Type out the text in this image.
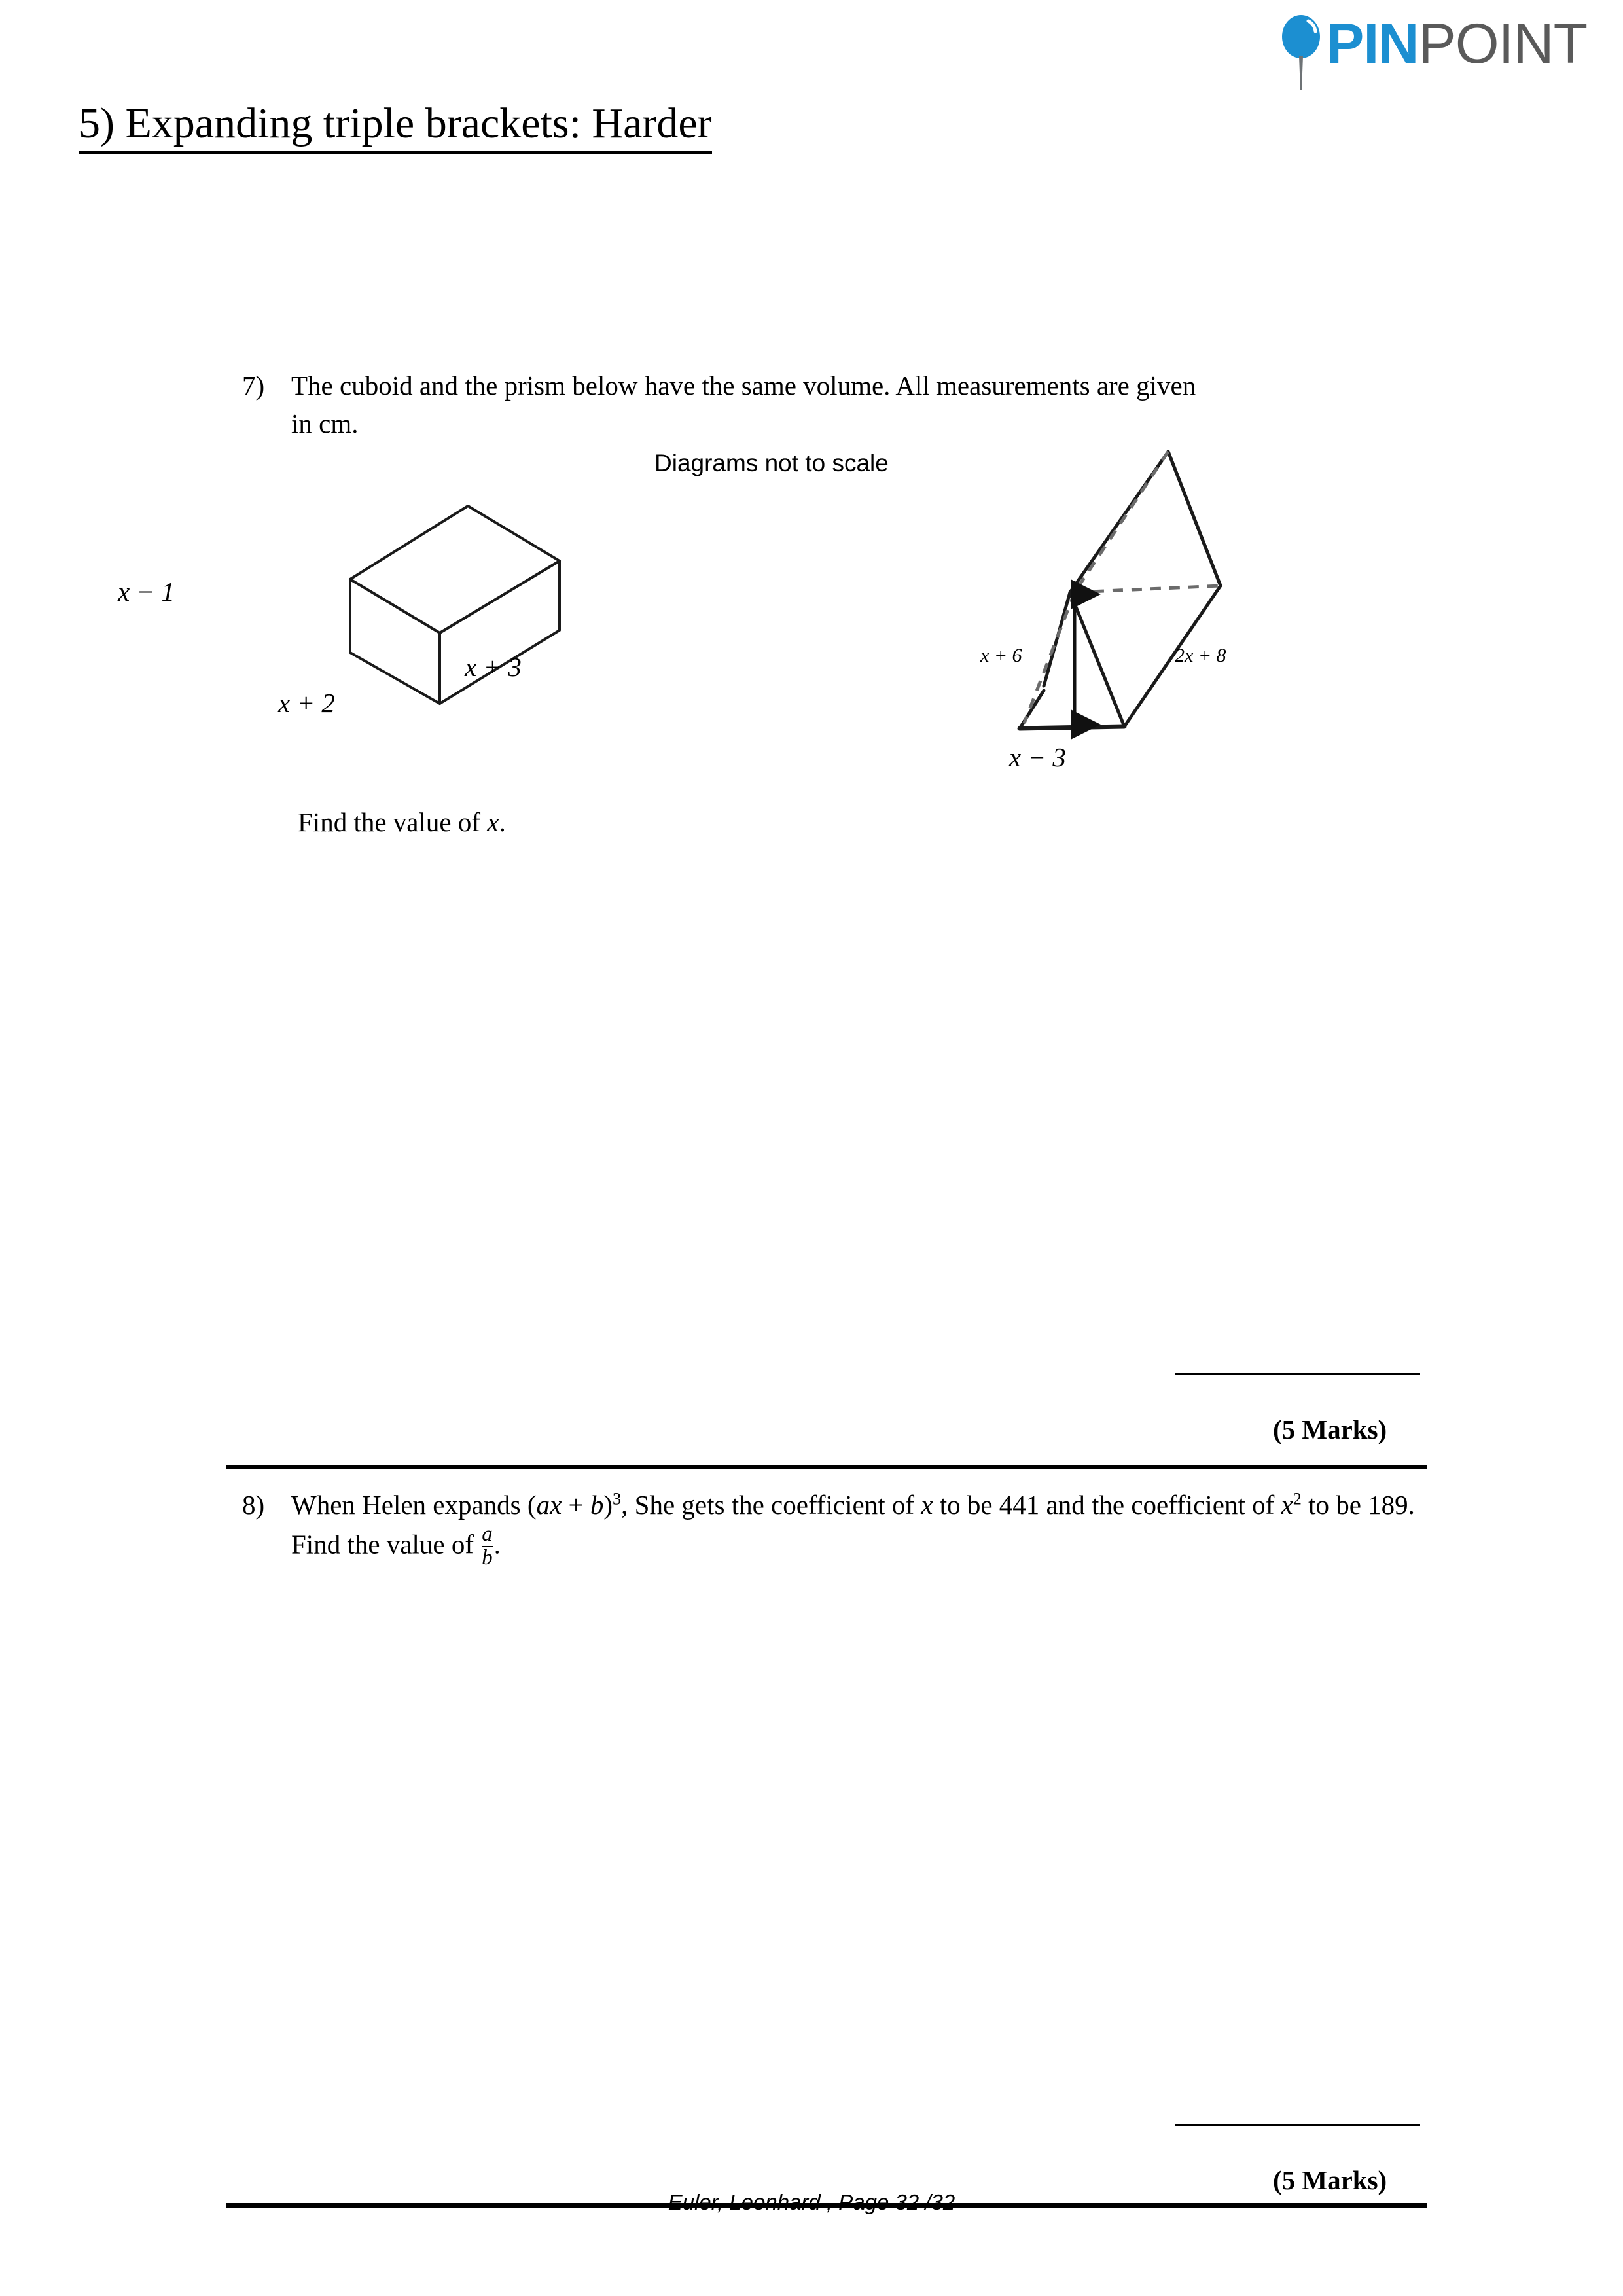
PINPOINT
5) Expanding triple brackets: Harder
7) The cuboid and the prism below have the same volume. All measurements are given
in cm.
Diagrams not to scale
x − 1
x + 2
x + 3	x + 6
x − 3
2x + 8
Find the value of x.
(5 Marks)
8) When Helen expands (ax + b)$^3$, She gets the coefficient of x to be 441 and the coefficient of $x^2$ to be 189. Find the value of $\frac{a}{b}$ .
(5 Marks)
Euler, Leonhard , Page 32 /32
